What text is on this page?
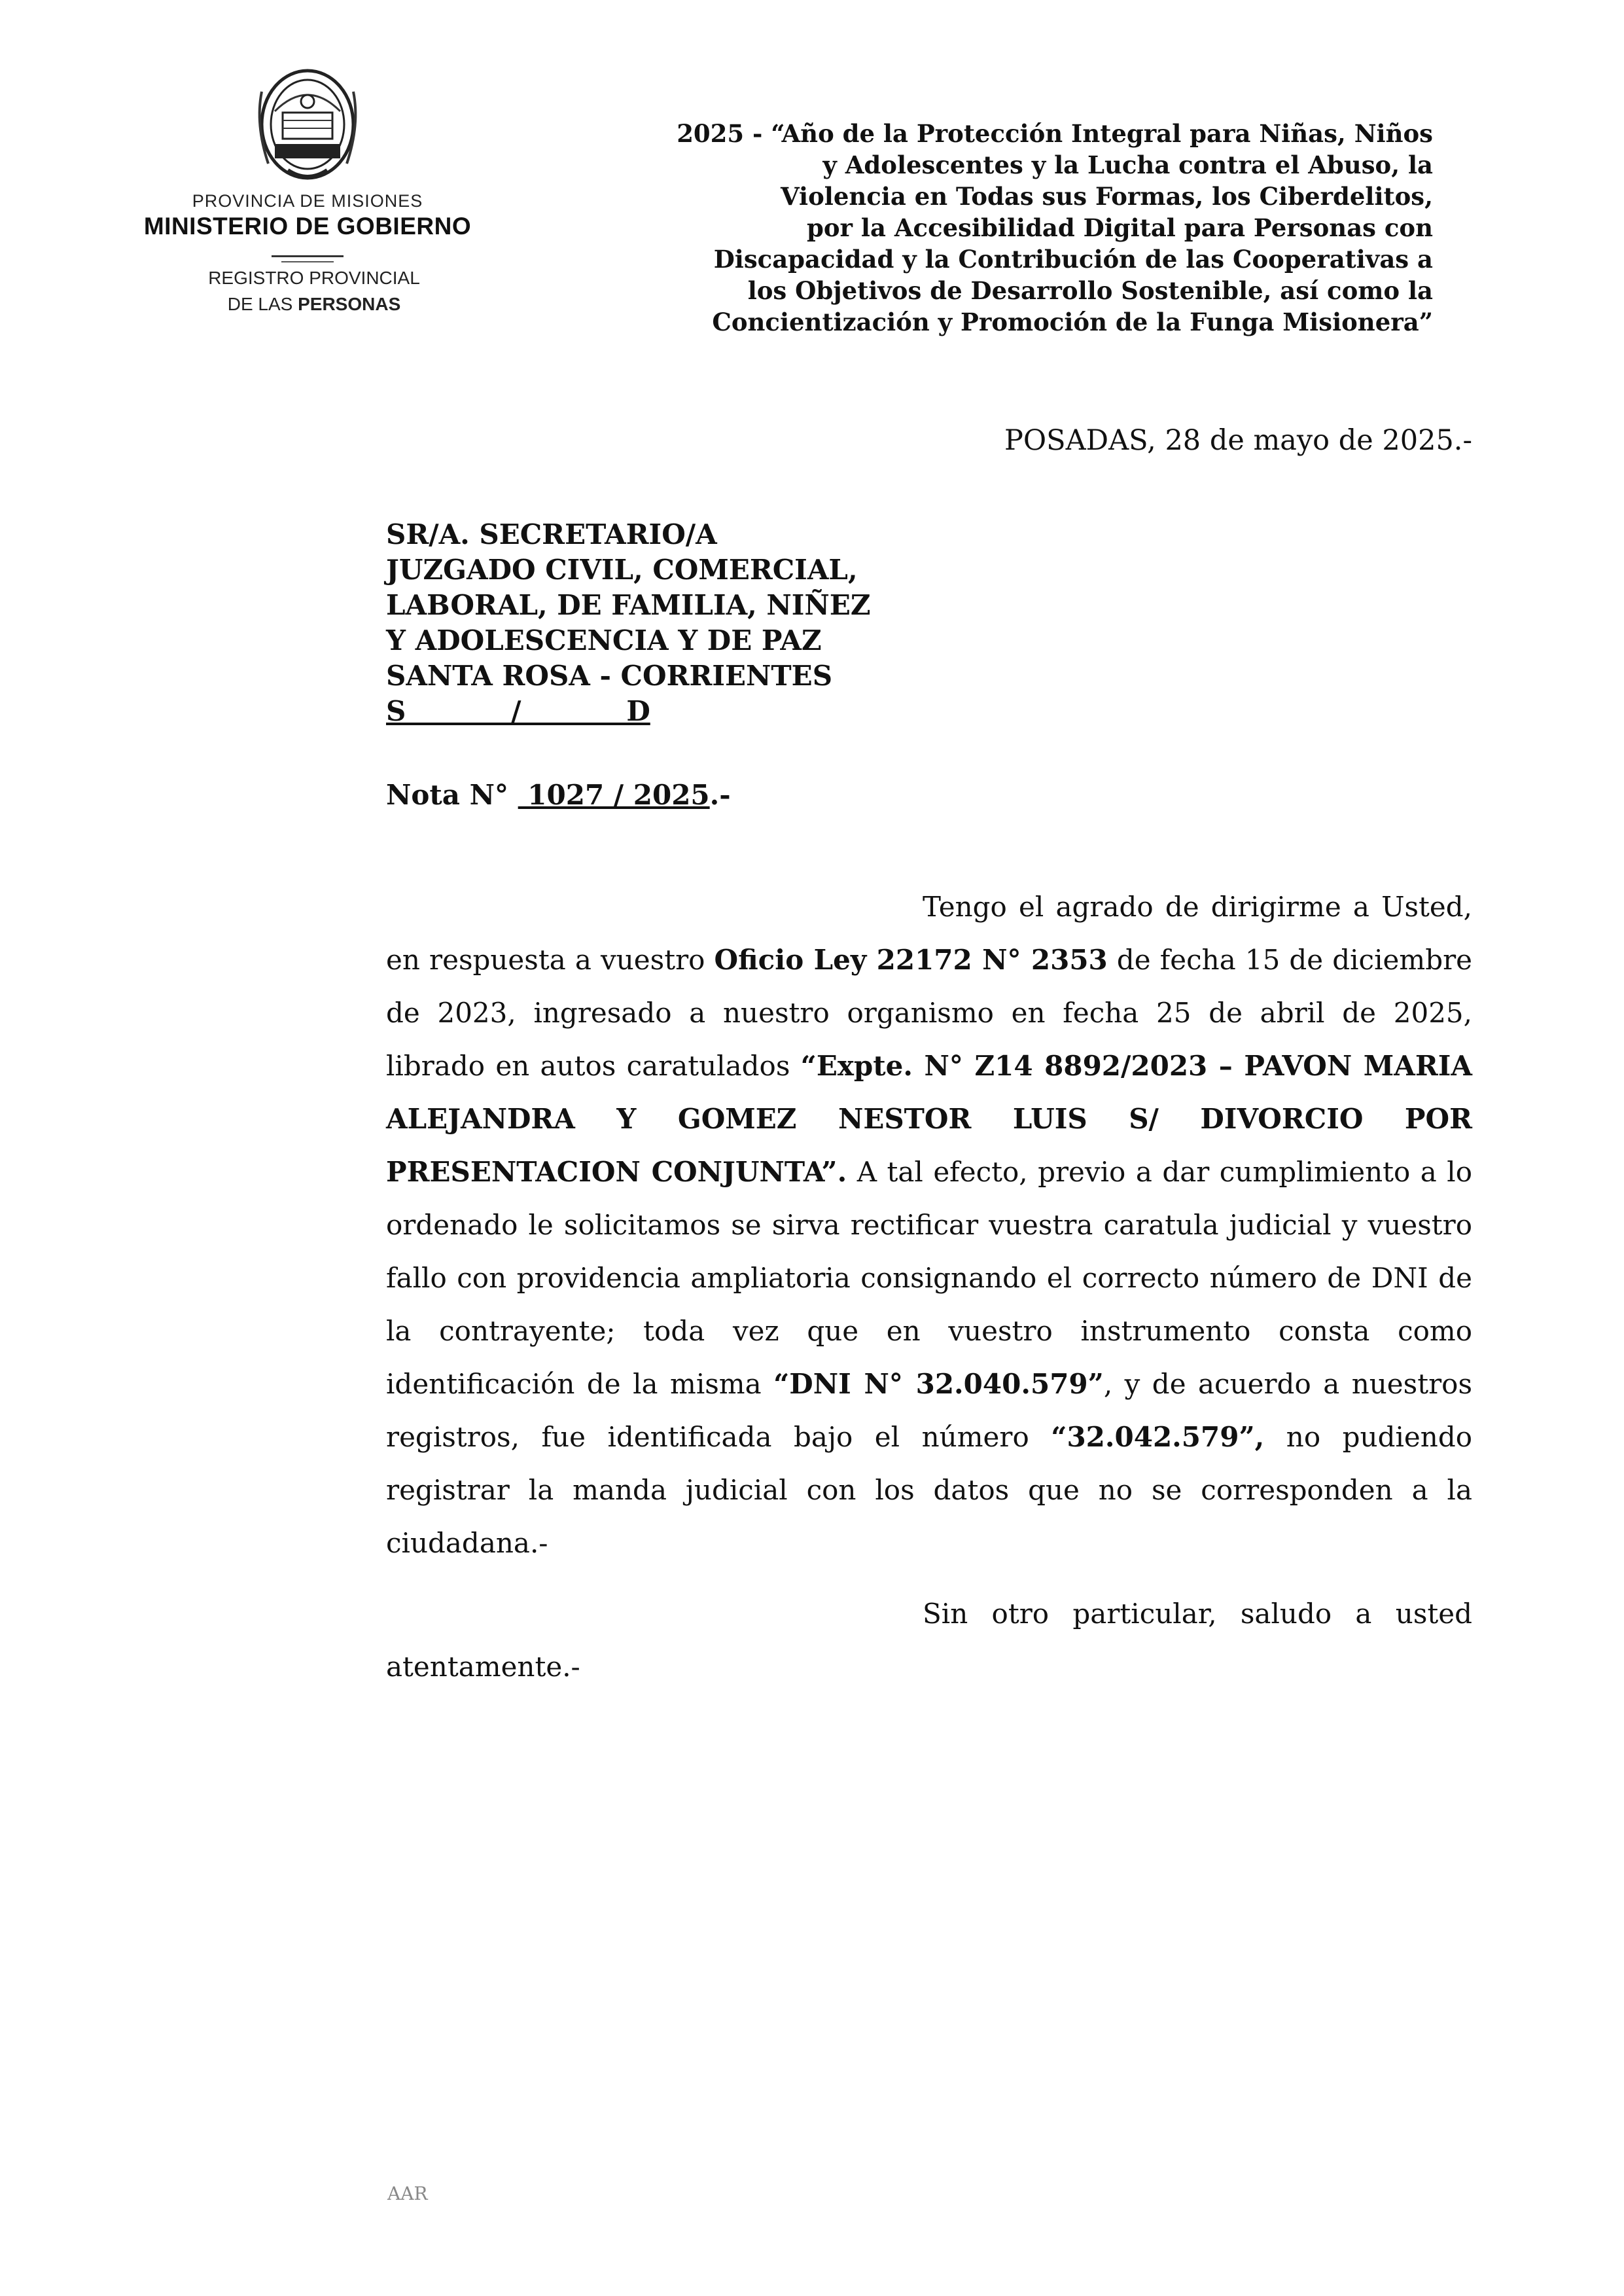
PROVINCIA DE MISIONES
MINISTERIO DE GOBIERNO
REGISTRO PROVINCIAL
DE LAS PERSONAS
2025 - “Año de la Protección Integral para Niñas, Niños
y Adolescentes y la Lucha contra el Abuso, la
Violencia en Todas sus Formas, los Ciberdelitos,
por la Accesibilidad Digital para Personas con
Discapacidad y la Contribución de las Cooperativas a
los Objetivos de Desarrollo Sostenible, así como la
Concientización y Promoción de la Funga Misionera”
POSADAS, 28 de mayo de 2025.-
SR/A. SECRETARIO/A
JUZGADO CIVIL, COMERCIAL,
LABORAL, DE FAMILIA, NIÑEZ
Y ADOLESCENCIA Y DE PAZ
SANTA ROSA - CORRIENTES
S           /           D
Nota N°  1027 / 2025.-

Tengo el agrado de dirigirme a Usted, en respuesta a vuestro Oficio Ley 22172 N° 2353 de fecha 15 de diciembre de 2023, ingresado a nuestro organismo en fecha 25 de abril de 2025, librado en autos caratulados “Expte. N° Z14 8892/2023 – PAVON MARIA ALEJANDRA Y GOMEZ NESTOR LUIS S/ DIVORCIO POR PRESENTACION CONJUNTA”. A tal efecto, previo a dar cumplimiento a lo ordenado le solicitamos se sirva rectificar vuestra caratula judicial y vuestro fallo con providencia ampliatoria consignando el correcto número de DNI de la contrayente; toda vez que en vuestro instrumento consta como identificación de la misma “DNI N° 32.040.579”, y de acuerdo a nuestros registros, fue identificada bajo el número “32.042.579”, no pudiendo registrar la manda judicial con los datos que no se corresponden a la ciudadana.-

Sin otro particular, saludo a usted atentamente.-

AAR
